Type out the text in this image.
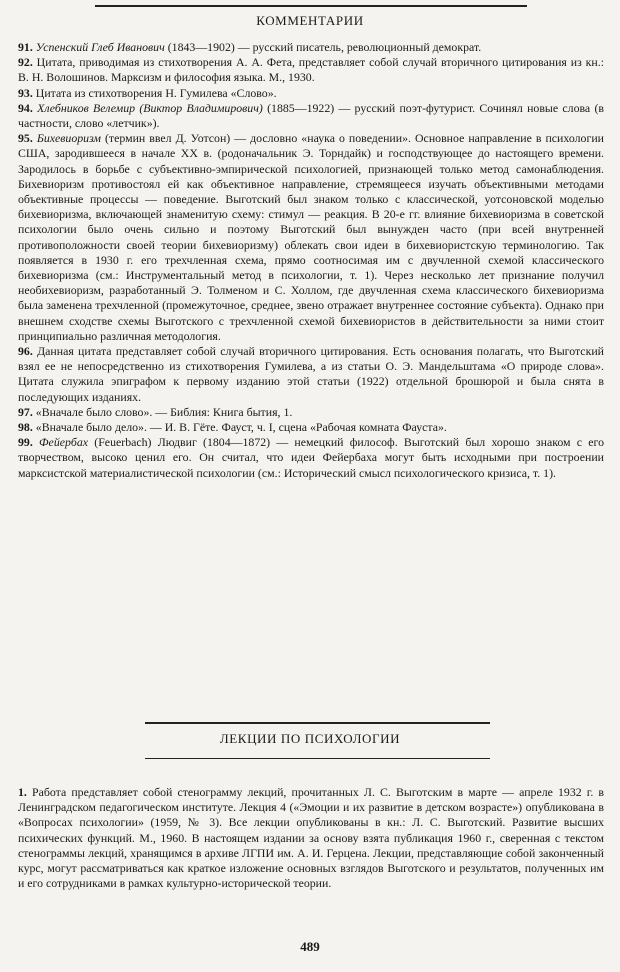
КОММЕНТАРИИ

91. Успенский Глеб Иванович (1843—1902) — русский писатель, революционный демократ.

92. Цитата, приводимая из стихотворения А. А. Фета, представляет собой случай вторичного цитирования из кн.: В. Н. Волошинов. Марксизм и философия языка. М., 1930.

93. Цитата из стихотворения Н. Гумилева «Слово».

94. Хлебников Велемир (Виктор Владимирович) (1885—1922) — русский поэт-футурист. Сочинял новые слова (в частности, слово «летчик»).

95. Бихевиоризм (термин ввел Д. Уотсон) — дословно «наука о поведении». Основное направление в психологии США, зародившееся в начале XX в. (родоначальник Э. Торндайк) и господствующее до настоящего времени. Зародилось в борьбе с субъективно-эмпирической психологией, признающей только метод самонаблюдения. Бихевиоризм противостоял ей как объективное направление, стремящееся изучать объективными методами объективные процессы — поведение. Выготский был знаком только с классической, уотсоновской моделью бихевиоризма, включающей знаменитую схему: стимул — реакция. В 20-е гг. влияние бихевиоризма в советской психологии было очень сильно и поэтому Выготский был вынужден часто (при всей внутренней противоположности своей теории бихевиоризму) облекать свои идеи в бихевиористскую терминологию. Так появляется в 1930 г. его трехчленная схема, прямо соотносимая им с двучленной схемой классического бихевиоризма (см.: Инструментальный метод в психологии, т. 1). Через несколько лет признание получил необихевиоризм, разработанный Э. Толменом и С. Холлом, где двучленная схема классического бихевиоризма была заменена трехчленной (промежуточное, среднее, звено отражает внутреннее состояние субъекта). Однако при внешнем сходстве схемы Выготского с трехчленной схемой бихевиористов в действительности за ними стоит принципиально различная методология.

96. Данная цитата представляет собой случай вторичного цитирования. Есть основания полагать, что Выготский взял ее не непосредственно из стихотворения Гумилева, а из статьи О. Э. Мандельштама «О природе слова». Цитата служила эпиграфом к первому изданию этой статьи (1922) отдельной брошюрой и была снята в последующих изданиях.

97. «Вначале было слово». — Библия: Книга бытия, 1.

98. «Вначале было дело». — И. В. Гёте. Фауст, ч. I, сцена «Рабочая комната Фауста».

99. Фейербах (Feuerbach) Людвиг (1804—1872) — немецкий философ. Выготский был хорошо знаком с его творчеством, высоко ценил его. Он считал, что идеи Фейербаха могут быть исходными при построении марксистской материалистической психологии (см.: Исторический смысл психологического кризиса, т. 1).

ЛЕКЦИИ ПО ПСИХОЛОГИИ

1. Работа представляет собой стенограмму лекций, прочитанных Л. С. Выготским в марте — апреле 1932 г. в Ленинградском педагогическом институте. Лекция 4 («Эмоции и их развитие в детском возрасте») опубликована в «Вопросах психологии» (1959, № 3). Все лекции опубликованы в кн.: Л. С. Выготский. Развитие высших психических функций. М., 1960. В настоящем издании за основу взята публикация 1960 г., сверенная с текстом стенограммы лекций, хранящимся в архиве ЛГПИ им. А. И. Герцена. Лекции, представляющие собой законченный курс, могут рассматриваться как краткое изложение основных взглядов Выготского и результатов, полученных им и его сотрудниками в рамках культурно-исторической теории.

489
